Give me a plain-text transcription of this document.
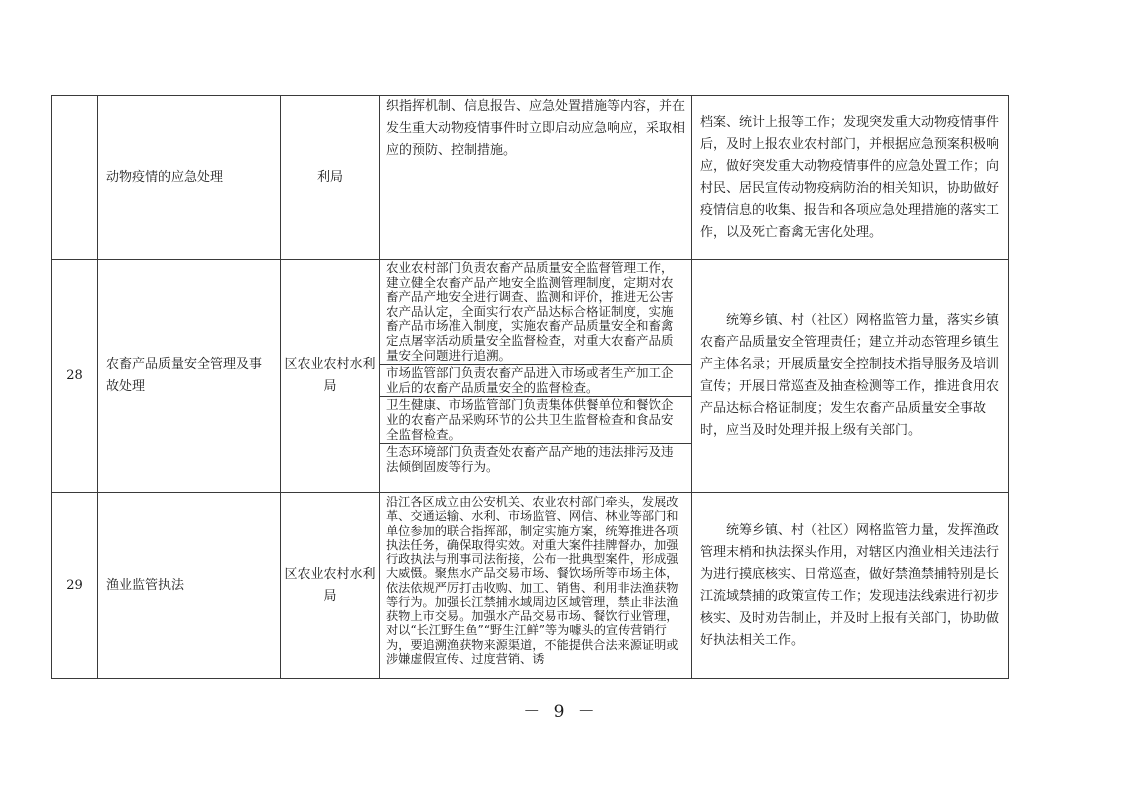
	动物疫情的应急处理	利局	织指挥机制、信息报告、应急处置措施等内容，并在发生重大动物疫情事件时立即启动应急响应，采取相应的预防、控制措施。	档案、统计上报等工作；发现突发重大动物疫情事件后，及时上报农业农村部门，并根据应急预案积极响应，做好突发重大动物疫情事件的应急处置工作；向村民、居民宣传动物疫病防治的相关知识，协助做好疫情信息的收集、报告和各项应急处理措施的落实工作，以及死亡畜禽无害化处理。
28	农畜产品质量安全管理及事故处理	区农业农村水利局	农业农村部门负责农畜产品质量安全监督管理工作，建立健全农畜产品产地安全监测管理制度，定期对农畜产品产地安全进行调查、监测和评价，推进无公害农产品认定，全面实行农产品达标合格证制度，实施畜产品市场准入制度，实施农畜产品质量安全和畜禽定点屠宰活动质量安全监督检查，对重大农畜产品质量安全问题进行追溯。
市场监管部门负责农畜产品进入市场或者生产加工企业后的农畜产品质量安全的监督检查。
卫生健康、市场监管部门负责集体供餐单位和餐饮企业的农畜产品采购环节的公共卫生监督检查和食品安全监督检查。
生态环境部门负责查处农畜产品产地的违法排污及违法倾倒固废等行为。	统筹乡镇、村（社区）网格监管力量，落实乡镇农畜产品质量安全管理责任；建立并动态管理乡镇生产主体名录；开展质量安全控制技术指导服务及培训宣传；开展日常巡查及抽查检测等工作，推进食用农产品达标合格证制度；发生农畜产品质量安全事故时，应当及时处理并报上级有关部门。
29	渔业监管执法	区农业农村水利局	沿江各区成立由公安机关、农业农村部门牵头，发展改革、交通运输、水利、市场监管、网信、林业等部门和单位参加的联合指挥部，制定实施方案，统筹推进各项执法任务，确保取得实效。对重大案件挂牌督办，加强行政执法与刑事司法衔接，公布一批典型案件，形成强大威慑。聚焦水产品交易市场、餐饮场所等市场主体，依法依规严厉打击收购、加工、销售、利用非法渔获物等行为。加强长江禁捕水域周边区域管理，禁止非法渔获物上市交易。加强水产品交易市场、餐饮行业管理，对以“长江野生鱼”“野生江鲜”等为噱头的宣传营销行为，要追溯渔获物来源渠道，不能提供合法来源证明或涉嫌虚假宣传、过度营销、诱	统筹乡镇、村（社区）网格监管力量，发挥渔政管理末梢和执法探头作用，对辖区内渔业相关违法行为进行摸底核实、日常巡查，做好禁渔禁捕特别是长江流域禁捕的政策宣传工作；发现违法线索进行初步核实、及时劝告制止，并及时上报有关部门，协助做好执法相关工作。
－ 9 －
